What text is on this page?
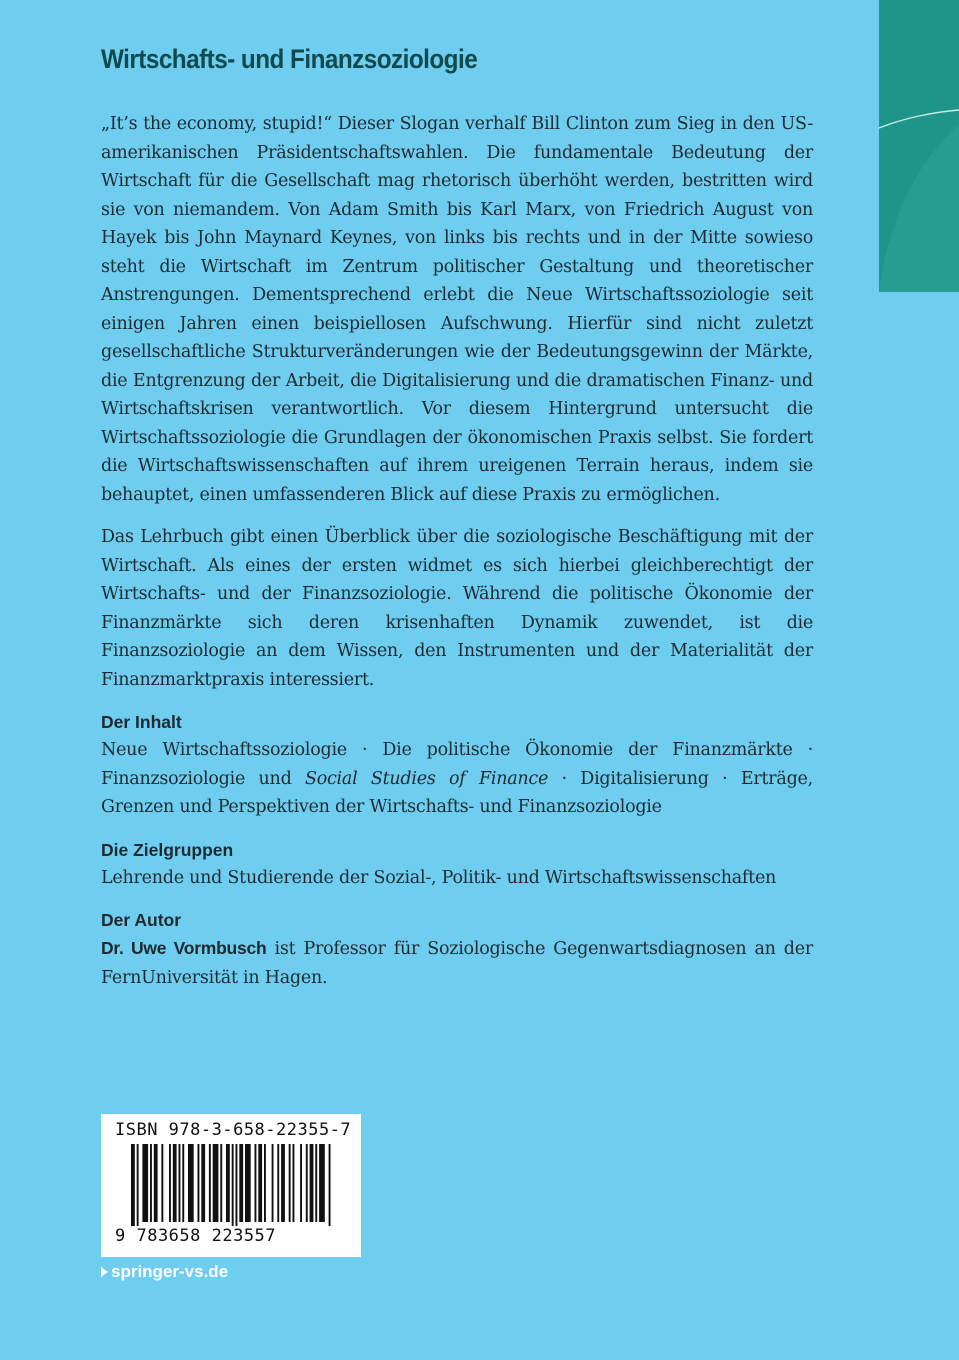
Wirtschafts- und Finanzsoziologie

„It’s the economy, stupid!“ Dieser Slogan verhalf Bill Clinton zum Sieg in den US-amerikanischen Präsidentschaftswahlen. Die fundamentale Bedeutung der Wirtschaft für die Gesellschaft mag rhetorisch überhöht werden, bestritten wird sie von niemandem. Von Adam Smith bis Karl Marx, von Friedrich August von Hayek bis John Maynard Keynes, von links bis rechts und in der Mitte sowieso steht die Wirtschaft im Zentrum politischer Gestaltung und theoretischer Anstrengungen. Dementsprechend erlebt die Neue Wirtschaftssoziologie seit einigen Jahren einen beispiellosen Aufschwung. Hierfür sind nicht zuletzt gesellschaftliche Strukturveränderungen wie der Bedeutungsgewinn der Märkte, die Entgrenzung der Arbeit, die Digitalisierung und die dramatischen Finanz- und Wirtschaftskrisen verantwortlich. Vor diesem Hintergrund untersucht die Wirtschaftssoziologie die Grundlagen der ökonomischen Praxis selbst. Sie fordert die Wirtschaftswissenschaften auf ihrem ureigenen Terrain heraus, indem sie behauptet, einen umfassenderen Blick auf diese Praxis zu ermöglichen.

Das Lehrbuch gibt einen Überblick über die soziologische Beschäftigung mit der Wirtschaft. Als eines der ersten widmet es sich hierbei gleichberechtigt der Wirtschafts- und der Finanzsoziologie. Während die politische Ökonomie der Finanzmärkte sich deren krisenhaften Dynamik zuwendet, ist die Finanzsoziologie an dem Wissen, den Instrumenten und der Materialität der Finanzmarktpraxis interessiert.

Der Inhalt

Neue Wirtschaftssoziologie · Die politische Ökonomie der Finanzmärkte · Finanzsoziologie und Social Studies of Finance · Digitalisierung · Erträge, Grenzen und Perspektiven der Wirtschafts- und Finanzsoziologie

Die Zielgruppen

Lehrende und Studierende der Sozial-, Politik- und Wirtschaftswissenschaften

Der Autor

Dr. Uwe Vormbusch ist Professor für Soziologische Gegenwartsdiagnosen an der FernUniversität in Hagen.

ISBN 978-3-658-22355-7
9 783658 223557
springer-vs.de
